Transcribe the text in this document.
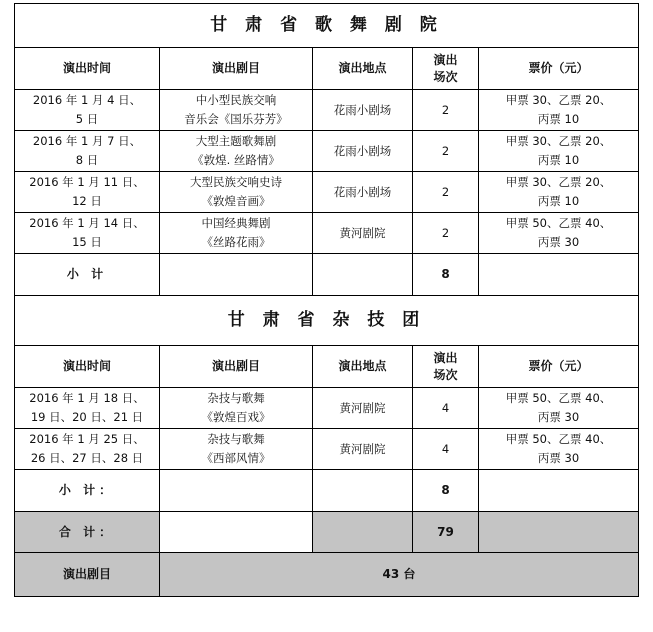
甘 肃 省 歌 舞 剧 院				

演出时间	演出剧目	演出地点	演出
场次	票价（元）

2016 年 1 月 4 日、
5 日	中小型民族交响
音乐会《国乐芬芳》	花雨小剧场	2	甲票 30、乙票 20、
丙票 10

2016 年 1 月 7 日、
8 日	大型主题歌舞剧
《敦煌. 丝路情》	花雨小剧场	2	甲票 30、乙票 20、
丙票 10

2016 年 1 月 11 日、
12 日	大型民族交响史诗
《敦煌音画》	花雨小剧场	2	甲票 30、乙票 20、
丙票 10

2016 年 1 月 14 日、
15 日	中国经典舞剧
《丝路花雨》	黄河剧院	2	甲票 50、乙票 40、
丙票 30

小 计			8	
甘 肃 省 杂 技 团				

演出时间	演出剧目	演出地点	演出
场次	票价（元）

2016 年 1 月 18 日、
19 日、20 日、21 日	杂技与歌舞
《敦煌百戏》	黄河剧院	4	甲票 50、乙票 40、
丙票 30

2016 年 1 月 25 日、
26 日、27 日、28 日	杂技与歌舞
《西部风情》	黄河剧院	4	甲票 50、乙票 40、
丙票 30

小 计：			8	
合 计：			79	
演出剧目	43 台			
